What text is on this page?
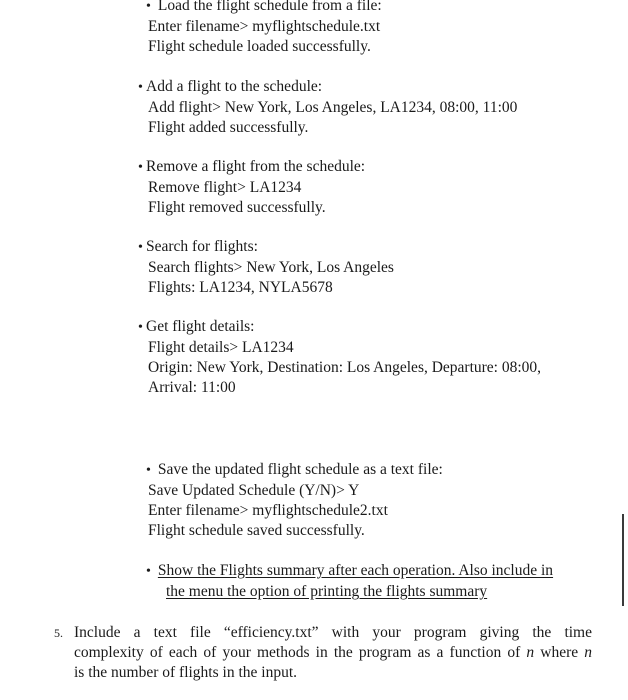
• Load the flight schedule from a file:
Enter filename> myflightschedule.txt
Flight schedule loaded successfully.
• Add a flight to the schedule:
Add flight> New York, Los Angeles, LA1234, 08:00, 11:00
Flight added successfully.
• Remove a flight from the schedule:
Remove flight> LA1234
Flight removed successfully.
• Search for flights:
Search flights> New York, Los Angeles
Flights: LA1234, NYLA5678
• Get flight details:
Flight details> LA1234
Origin: New York, Destination: Los Angeles, Departure: 08:00,
Arrival: 11:00
• Save the updated flight schedule as a text file:
Save Updated Schedule (Y/N)> Y
Enter filename> myflightschedule2.txt
Flight schedule saved successfully.
• Show the Flights summary after each operation. Also include in
the menu the option of printing the flights summary
5. Include a text file “efficiency.txt” with your program giving the time
complexity of each of your methods in the program as a function of n where n
is the number of flights in the input.
